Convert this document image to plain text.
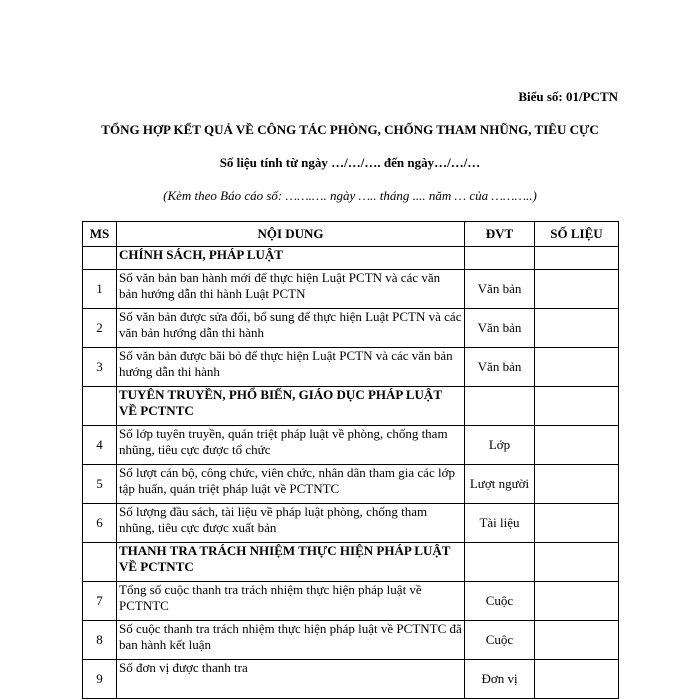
Biểu số: 01/PCTN
TỔNG HỢP KẾT QUẢ VỀ CÔNG TÁC PHÒNG, CHỐNG THAM NHŨNG, TIÊU CỰC
Số liệu tính từ ngày …/…/…. đến ngày…/…/…
(Kèm theo Báo cáo số: …….…. ngày ….. tháng .... năm … của ………..)
MS	NỘI DUNG	ĐVT	SỐ LIỆU
	CHÍNH SÁCH, PHÁP LUẬT		
1	Số văn bản ban hành mới để thực hiện Luật PCTN và các văn bản hướng dẫn thi hành Luật PCTN	Văn bản	
2	Số văn bản được sửa đổi, bổ sung để thực hiện Luật PCTN và các văn bản hướng dẫn thi hành	Văn bản	
3	Số văn bản được bãi bỏ để thực hiện Luật PCTN và các văn bản hướng dẫn thi hành	Văn bản	
	TUYÊN TRUYỀN, PHỔ BIẾN, GIÁO DỤC PHÁP LUẬT VỀ PCTNTC		
4	Số lớp tuyên truyền, quán triệt pháp luật về phòng, chống tham nhũng, tiêu cực được tổ chức	Lớp	
5	Số lượt cán bộ, công chức, viên chức, nhân dân tham gia các lớp tập huấn, quán triệt pháp luật về PCTNTC	Lượt người	
6	Số lượng đầu sách, tài liệu về pháp luật phòng, chống tham nhũng, tiêu cực được xuất bản	Tài liệu	
	THANH TRA TRÁCH NHIỆM THỰC HIỆN PHÁP LUẬT VỀ PCTNTC		
7	Tổng số cuộc thanh tra trách nhiệm thực hiện pháp luật về PCTNTC	Cuộc	
8	Số cuộc thanh tra trách nhiệm thực hiện pháp luật về PCTNTC đã ban hành kết luận	Cuộc	
9	Số đơn vị được thanh tra	Đơn vị	
